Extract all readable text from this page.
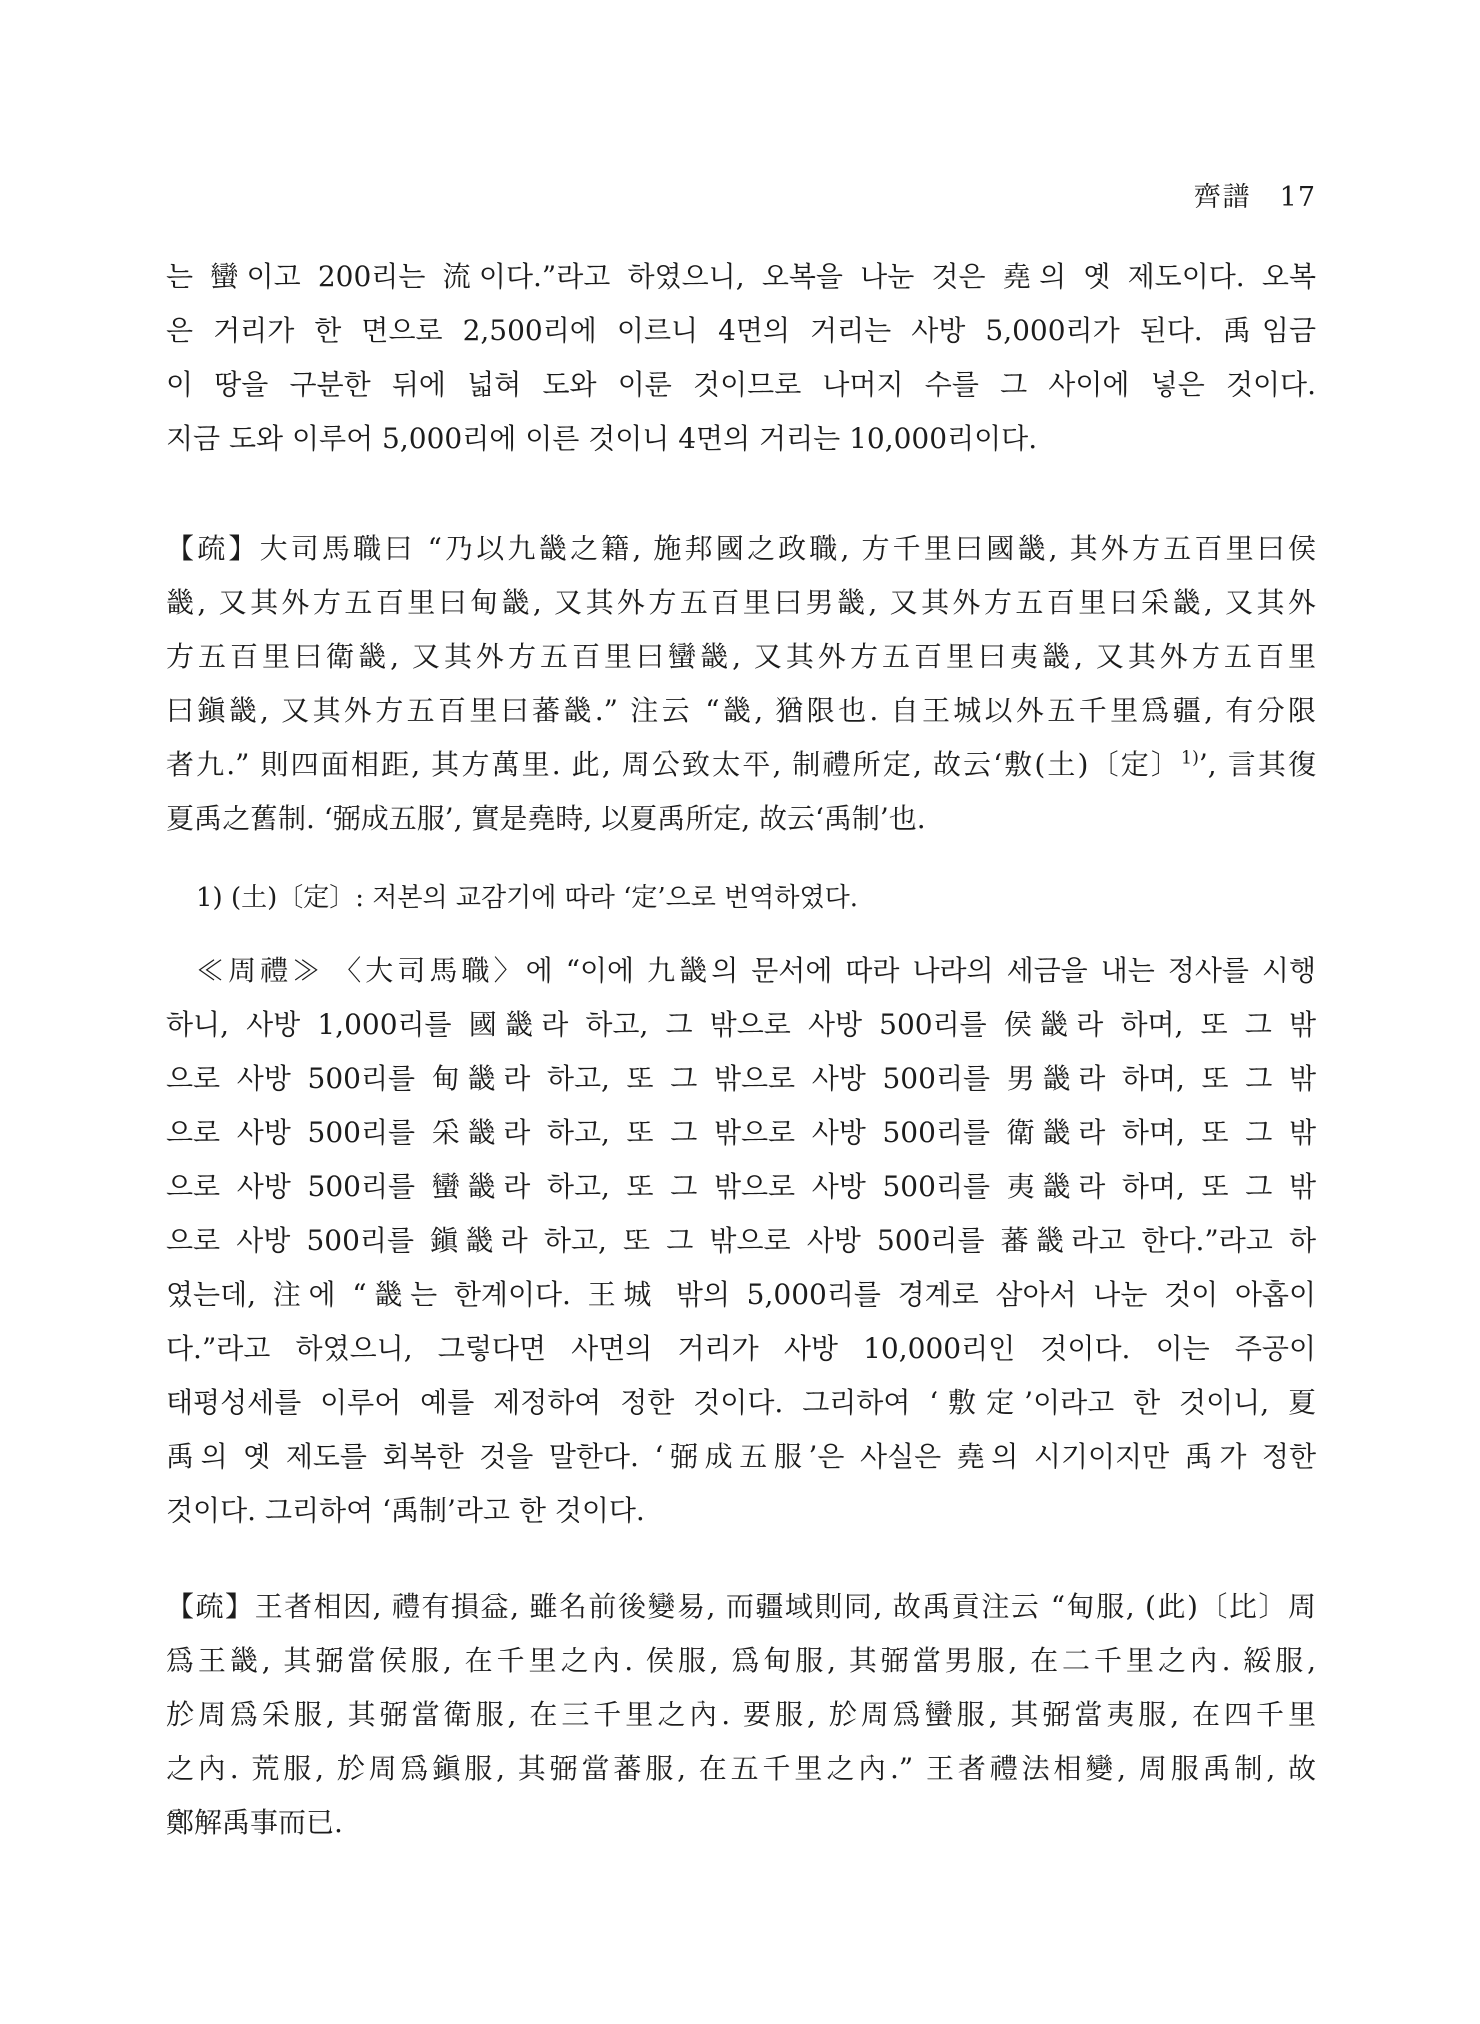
齊譜 17
는 蠻이고 200리는 流이다.”라고 하였으니, 오복을 나눈 것은 堯의 옛 제도이다. 오복
은 거리가 한 면으로 2,500리에 이르니 4면의 거리는 사방 5,000리가 된다. 禹임금
이 땅을 구분한 뒤에 넓혀 도와 이룬 것이므로 나머지 수를 그 사이에 넣은 것이다.
지금 도와 이루어 5,000리에 이른 것이니 4면의 거리는 10,000리이다.
【疏】大司馬職曰 “乃以九畿之籍, 施邦國之政職, 方千里曰國畿, 其外方五百里曰侯
畿, 又其外方五百里曰甸畿, 又其外方五百里曰男畿, 又其外方五百里曰采畿, 又其外
方五百里曰衛畿, 又其外方五百里曰蠻畿, 又其外方五百里曰夷畿, 又其外方五百里
曰鎭畿, 又其外方五百里曰蕃畿.” 注云 “畿, 猶限也. 自王城以外五千里爲疆, 有分限
者九.” 則四面相距, 其方萬里. 此, 周公致太平, 制禮所定, 故云‘敷(土)〔定〕$^{1)}$’, 言其復
夏禹之舊制. ‘弼成五服’, 實是堯時, 以夏禹所定, 故云‘禹制’也.
1) (土)〔定〕: 저본의 교감기에 따라 ‘定’으로 번역하였다.
≪周禮≫ 〈大司馬職〉에 “이에 九畿의 문서에 따라 나라의 세금을 내는 정사를 시행
하니, 사방 1,000리를 國畿라 하고, 그 밖으로 사방 500리를 侯畿라 하며, 또 그 밖
으로 사방 500리를 甸畿라 하고, 또 그 밖으로 사방 500리를 男畿라 하며, 또 그 밖
으로 사방 500리를 采畿라 하고, 또 그 밖으로 사방 500리를 衛畿라 하며, 또 그 밖
으로 사방 500리를 蠻畿라 하고, 또 그 밖으로 사방 500리를 夷畿라 하며, 또 그 밖
으로 사방 500리를 鎭畿라 하고, 또 그 밖으로 사방 500리를 蕃畿라고 한다.”라고 하
였는데, 注에 “畿는 한계이다. 王城 밖의 5,000리를 경계로 삼아서 나눈 것이 아홉이
다.”라고 하였으니, 그렇다면 사면의 거리가 사방 10,000리인 것이다. 이는 주공이
태평성세를 이루어 예를 제정하여 정한 것이다. 그리하여 ‘敷定’이라고 한 것이니, 夏
禹의 옛 제도를 회복한 것을 말한다. ‘弼成五服’은 사실은 堯의 시기이지만 禹가 정한
것이다. 그리하여 ‘禹制’라고 한 것이다.
【疏】王者相因, 禮有損益, 雖名前後變易, 而疆域則同, 故禹貢注云 “甸服, (此)〔比〕周
爲王畿, 其弼當侯服, 在千里之內. 侯服, 爲甸服, 其弼當男服, 在二千里之內. 綏服,
於周爲采服, 其弼當衛服, 在三千里之內. 要服, 於周爲蠻服, 其弼當夷服, 在四千里
之內. 荒服, 於周爲鎭服, 其弼當蕃服, 在五千里之內.” 王者禮法相變, 周服禹制, 故
鄭解禹事而已.
